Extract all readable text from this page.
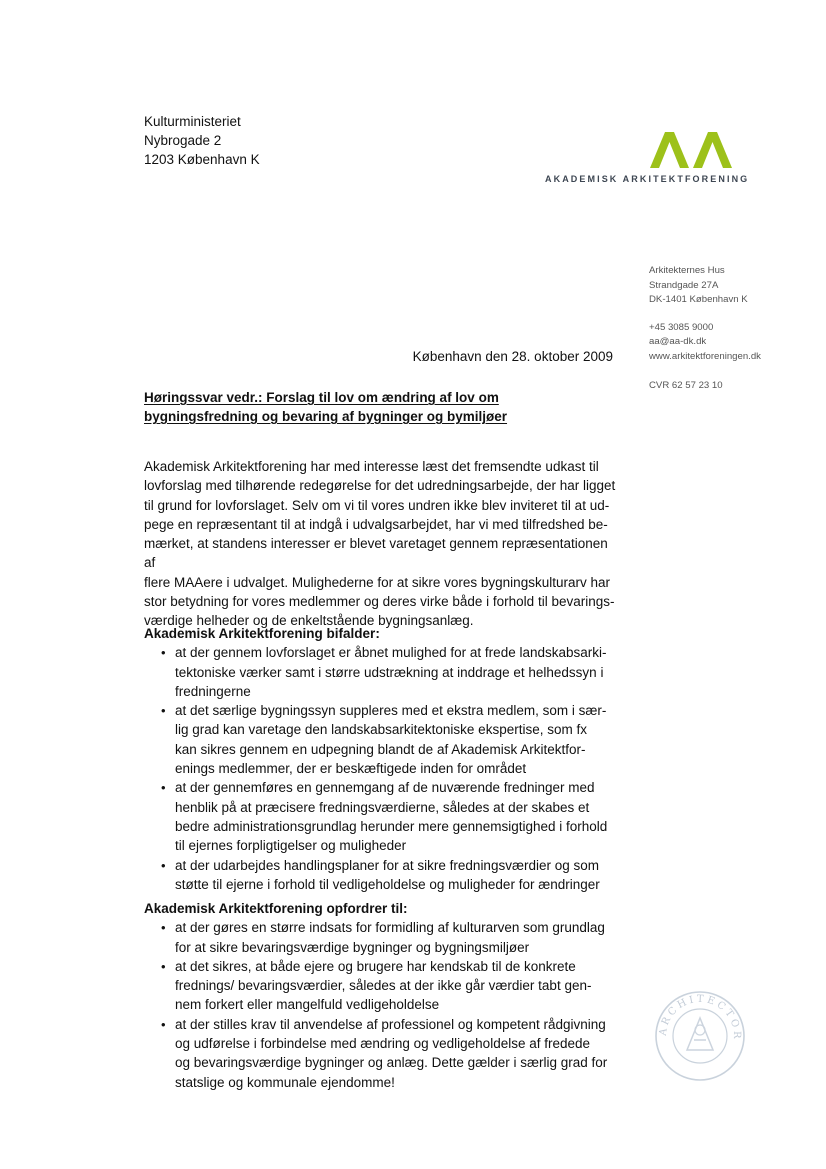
Kulturministeriet
Nybrogade 2
1203 København K
AKADEMISK ARKITEKTFORENING
Arkitekternes Hus
Strandgade 27A
DK-1401 København K
+45 3085 9000
aa@aa-dk.dk
www.arkitektforeningen.dk
CVR 62 57 23 10
København den 28. oktober 2009
Høringssvar vedr.: Forslag til lov om ændring af lov om bygningsfredning og bevaring af bygninger og bymiljøer
Akademisk Arkitektforening har med interesse læst det fremsendte udkast til
lovforslag med tilhørende redegørelse for det udredningsarbejde, der har ligget
til grund for lovforslaget. Selv om vi til vores undren ikke blev inviteret til at ud-
pege en repræsentant til at indgå i udvalgsarbejdet, har vi med tilfredshed be-
mærket, at standens interesser er blevet varetaget gennem repræsentationen af
flere MAAere i udvalget. Mulighederne for at sikre vores bygningskulturarv har
stor betydning for vores medlemmer og deres virke både i forhold til bevarings-
værdige helheder og de enkeltstående bygningsanlæg.
Akademisk Arkitektforening bifalder:
• at der gennem lovforslaget er åbnet mulighed for at frede landskabsarki-
tektoniske værker samt i større udstrækning at inddrage et helhedssyn i
fredningerne
• at det særlige bygningssyn suppleres med et ekstra medlem, som i sær-
lig grad kan varetage den landskabsarkitektoniske ekspertise, som fx
kan sikres gennem en udpegning blandt de af Akademisk Arkitektfor-
enings medlemmer, der er beskæftigede inden for området
• at der gennemføres en gennemgang af de nuværende fredninger med
henblik på at præcisere fredningsværdierne, således at der skabes et
bedre administrationsgrundlag herunder mere gennemsigtighed i forhold
til ejernes forpligtigelser og muligheder
• at der udarbejdes handlingsplaner for at sikre fredningsværdier og som
støtte til ejerne i forhold til vedligeholdelse og muligheder for ændringer
Akademisk Arkitektforening opfordrer til:
• at der gøres en større indsats for formidling af kulturarven som grundlag
for at sikre bevaringsværdige bygninger og bygningsmiljøer
• at det sikres, at både ejere og brugere har kendskab til de konkrete
frednings/ bevaringsværdier, således at der ikke går værdier tabt gen-
nem forkert eller mangelfuld vedligeholdelse
• at der stilles krav til anvendelse af professionel og kompetent rådgivning
og udførelse i forbindelse med ændring og vedligeholdelse af fredede
og bevaringsværdige bygninger og anlæg. Dette gælder i særlig grad for
statslige og kommunale ejendomme!
ARCHITECTOR
